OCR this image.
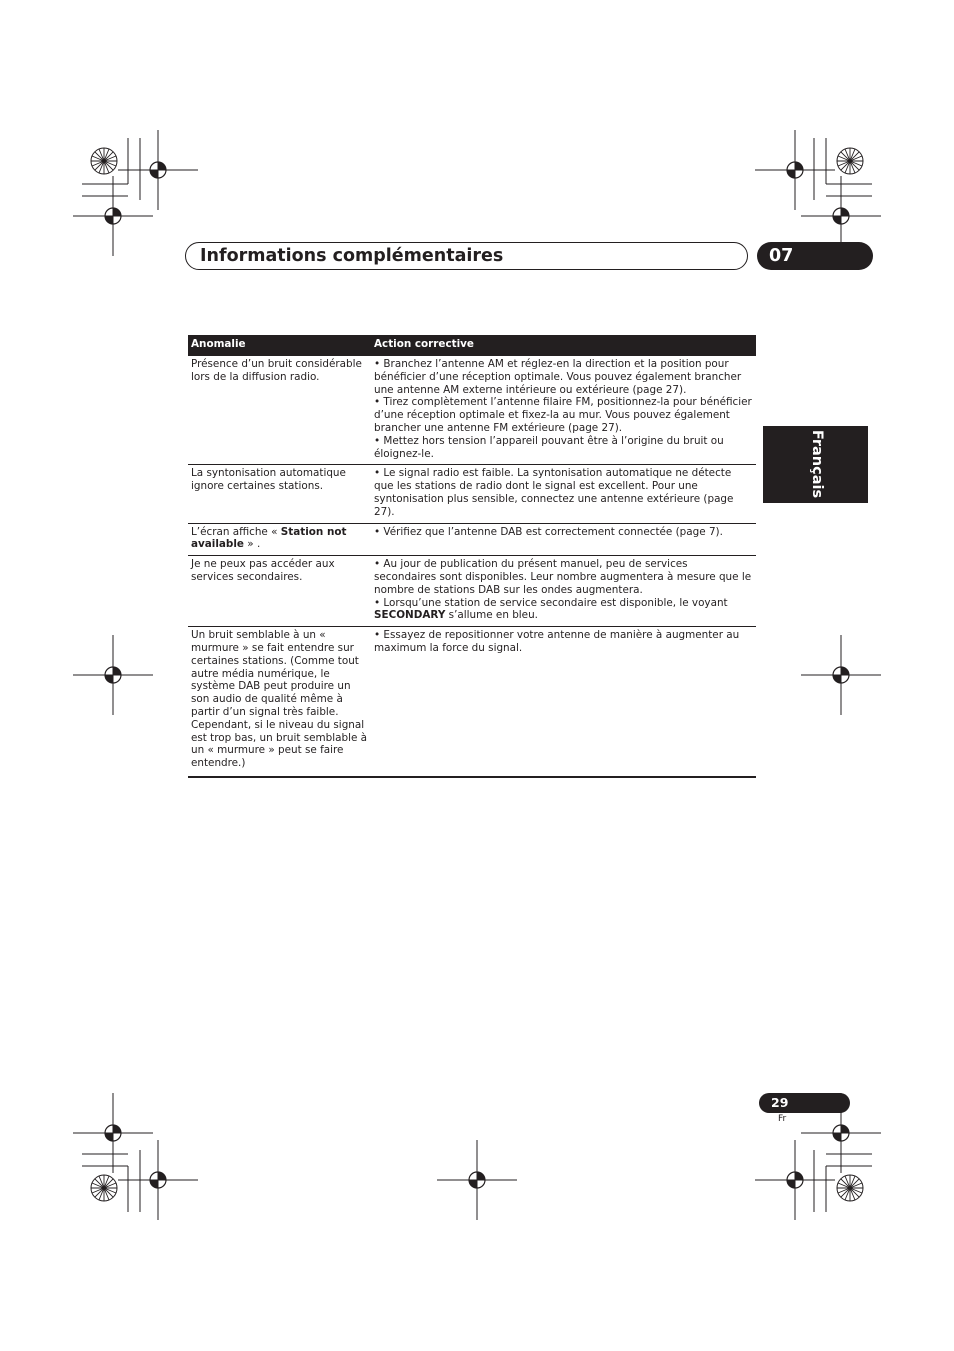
Informations complémentaires	07
Français
Anomalie	Action corrective
Présence d’un bruit considérable lors de la diffusion radio.	• Branchez l’antenne AM et réglez-en la direction et la position pour bénéficier d’une réception optimale. Vous pouvez également brancher une antenne AM externe intérieure ou extérieure (page 27).

• Tirez complètement l’antenne filaire FM, positionnez-la pour bénéficier d’une réception optimale et fixez-la au mur. Vous pouvez également brancher une antenne FM extérieure (page 27).

• Mettez hors tension l’appareil pouvant être à l’origine du bruit ou éloignez-le.

La syntonisation automatique ignore certaines stations.	• Le signal radio est faible. La syntonisation automatique ne détecte que les stations de radio dont le signal est excellent. Pour une syntonisation plus sensible, connectez une antenne extérieure (page 27).

L’écran affiche « Station not available » .	• Vérifiez que l’antenne DAB est correctement connectée (page 7).

Je ne peux pas accéder aux services secondaires.	• Au jour de publication du présent manuel, peu de services secondaires sont disponibles. Leur nombre augmentera à mesure que le nombre de stations DAB sur les ondes augmentera.

• Lorsqu’une station de service secondaire est disponible, le voyant SECONDARY s’allume en bleu.

Un bruit semblable à un « murmure » se fait entendre sur certaines stations. (Comme tout autre média numérique, le système DAB peut produire un son audio de qualité même à partir d’un signal très faible. Cependant, si le niveau du signal est trop bas, un bruit semblable à un « murmure » peut se faire entendre.)	• Essayez de repositionner votre antenne de manière à augmenter au maximum la force du signal.

29
Fr
